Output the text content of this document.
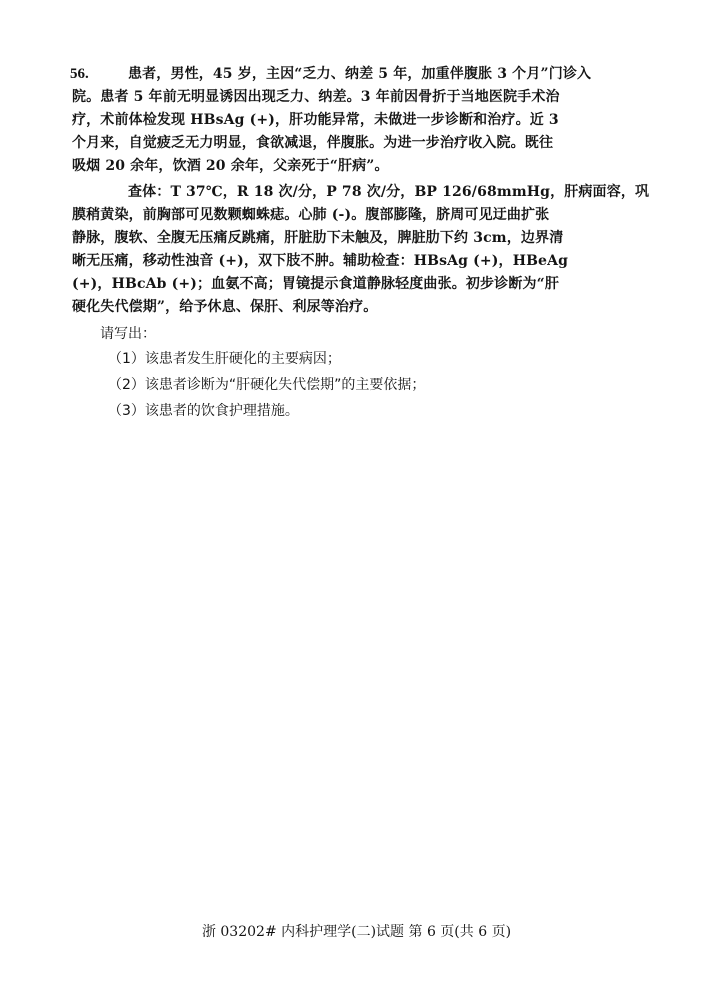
56.	患者，男性，45 岁，主因“乏力、纳差 5 年，加重伴腹胀 3 个月”门诊入
院。患者 5 年前无明显诱因出现乏力、纳差。3 年前因骨折于当地医院手术治
疗，术前体检发现 HBsAg (+)，肝功能异常，未做进一步诊断和治疗。近 3
个月来，自觉疲乏无力明显，食欲减退，伴腹胀。为进一步治疗收入院。既往
吸烟 20 余年，饮酒 20 余年，父亲死于“肝病”。
查体：T 37℃，R 18 次/分，P 78 次/分，BP 126/68mmHg，肝病面容，巩
膜稍黄染，前胸部可见数颗蜘蛛痣。心肺 (-)。腹部膨隆，脐周可见迂曲扩张
静脉，腹软、全腹无压痛反跳痛，肝脏肋下未触及，脾脏肋下约 3cm，边界清
晰无压痛，移动性浊音 (+)，双下肢不肿。辅助检查：HBsAg (+)，HBeAg
(+)，HBcAb (+)；血氨不高；胃镜提示食道静脉轻度曲张。初步诊断为“肝
硬化失代偿期”，给予休息、保肝、利尿等治疗。
请写出：
（1）该患者发生肝硬化的主要病因；
（2）该患者诊断为“肝硬化失代偿期”的主要依据；
（3）该患者的饮食护理措施。
浙 03202# 内科护理学(二)试题 第 6 页(共 6 页)
